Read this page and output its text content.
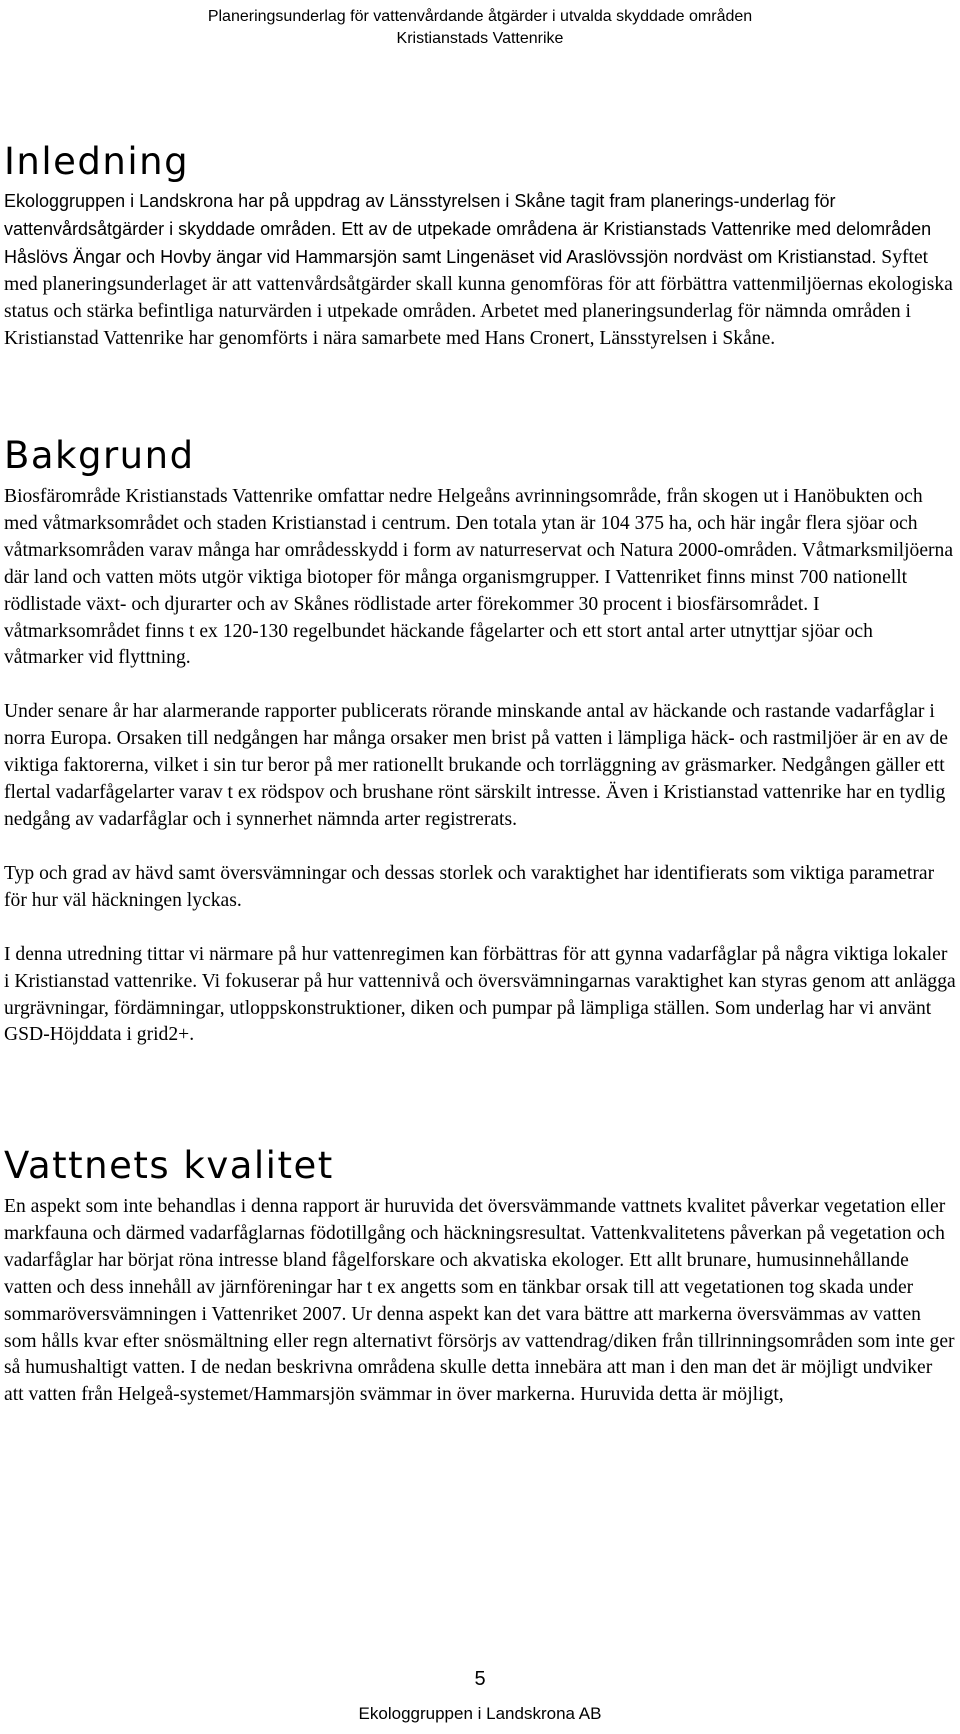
Planeringsunderlag för vattenvårdande åtgärder i utvalda skyddade områden
Kristianstads Vattenrike
Inledning

Ekologgruppen i Landskrona har på uppdrag av Länsstyrelsen i Skåne tagit fram planerings-underlag för vattenvårdsåtgärder i skyddade områden. Ett av de utpekade områdena är Kristianstads Vattenrike med delområden Håslövs Ängar och Hovby ängar vid Hammarsjön samt Lingenäset vid Araslövssjön nordväst om Kristianstad. Syftet med planeringsunderlaget är att vattenvårdsåtgärder skall kunna genomföras för att förbättra vattenmiljöernas ekologiska status och stärka befintliga naturvärden i utpekade områden. Arbetet med planeringsunderlag för nämnda områden i Kristianstad Vattenrike har genomförts i nära samarbete med Hans Cronert, Länsstyrelsen i Skåne.

Bakgrund

Biosfärområde Kristianstads Vattenrike omfattar nedre Helgeåns avrinningsområde, från skogen ut i Hanöbukten och med våtmarksområdet och staden Kristianstad i centrum. Den totala ytan är 104 375 ha, och här ingår flera sjöar och våtmarksområden varav många har områdesskydd i form av naturreservat och Natura 2000-områden. Våtmarksmiljöerna där land och vatten möts utgör viktiga biotoper för många organismgrupper. I Vattenriket finns minst 700 nationellt rödlistade växt- och djurarter och av Skånes rödlistade arter förekommer 30 procent i biosfärsområdet. I våtmarksområdet finns t ex 120-130 regelbundet häckande fågelarter och ett stort antal arter utnyttjar sjöar och våtmarker vid flyttning.

Under senare år har alarmerande rapporter publicerats rörande minskande antal av häckande och rastande vadarfåglar i norra Europa. Orsaken till nedgången har många orsaker men brist på vatten i lämpliga häck- och rastmiljöer är en av de viktiga faktorerna, vilket i sin tur beror på mer rationellt brukande och torrläggning av gräsmarker. Nedgången gäller ett flertal vadarfågelarter varav t ex rödspov och brushane rönt särskilt intresse. Även i Kristianstad vattenrike har en tydlig nedgång av vadarfåglar och i synnerhet nämnda arter registrerats.

Typ och grad av hävd samt översvämningar och dessas storlek och varaktighet har identifierats som viktiga parametrar för hur väl häckningen lyckas.

I denna utredning tittar vi närmare på hur vattenregimen kan förbättras för att gynna vadarfåglar på några viktiga lokaler i Kristianstad vattenrike. Vi fokuserar på hur vattennivå och översvämningarnas varaktighet kan styras genom att anlägga urgrävningar, fördämningar, utloppskonstruktioner, diken och pumpar på lämpliga ställen. Som underlag har vi använt GSD-Höjddata i grid2+.

Vattnets kvalitet

En aspekt som inte behandlas i denna rapport är huruvida det översvämmande vattnets kvalitet påverkar vegetation eller markfauna och därmed vadarfåglarnas födotillgång och häckningsresultat. Vattenkvalitetens påverkan på vegetation och vadarfåglar har börjat röna intresse bland fågelforskare och akvatiska ekologer. Ett allt brunare, humusinnehållande vatten och dess innehåll av järnföreningar har t ex angetts som en tänkbar orsak till att vegetationen tog skada under sommaröversvämningen i Vattenriket 2007. Ur denna aspekt kan det vara bättre att markerna översvämmas av vatten som hålls kvar efter snösmältning eller regn alternativt försörjs av vattendrag/diken från tillrinningsområden som inte ger så humushaltigt vatten. I de nedan beskrivna områdena skulle detta innebära att man i den man det är möjligt undviker att vatten från Helgeå-systemet/Hammarsjön svämmar in över markerna. Huruvida detta är möjligt,

5
Ekologgruppen i Landskrona AB
